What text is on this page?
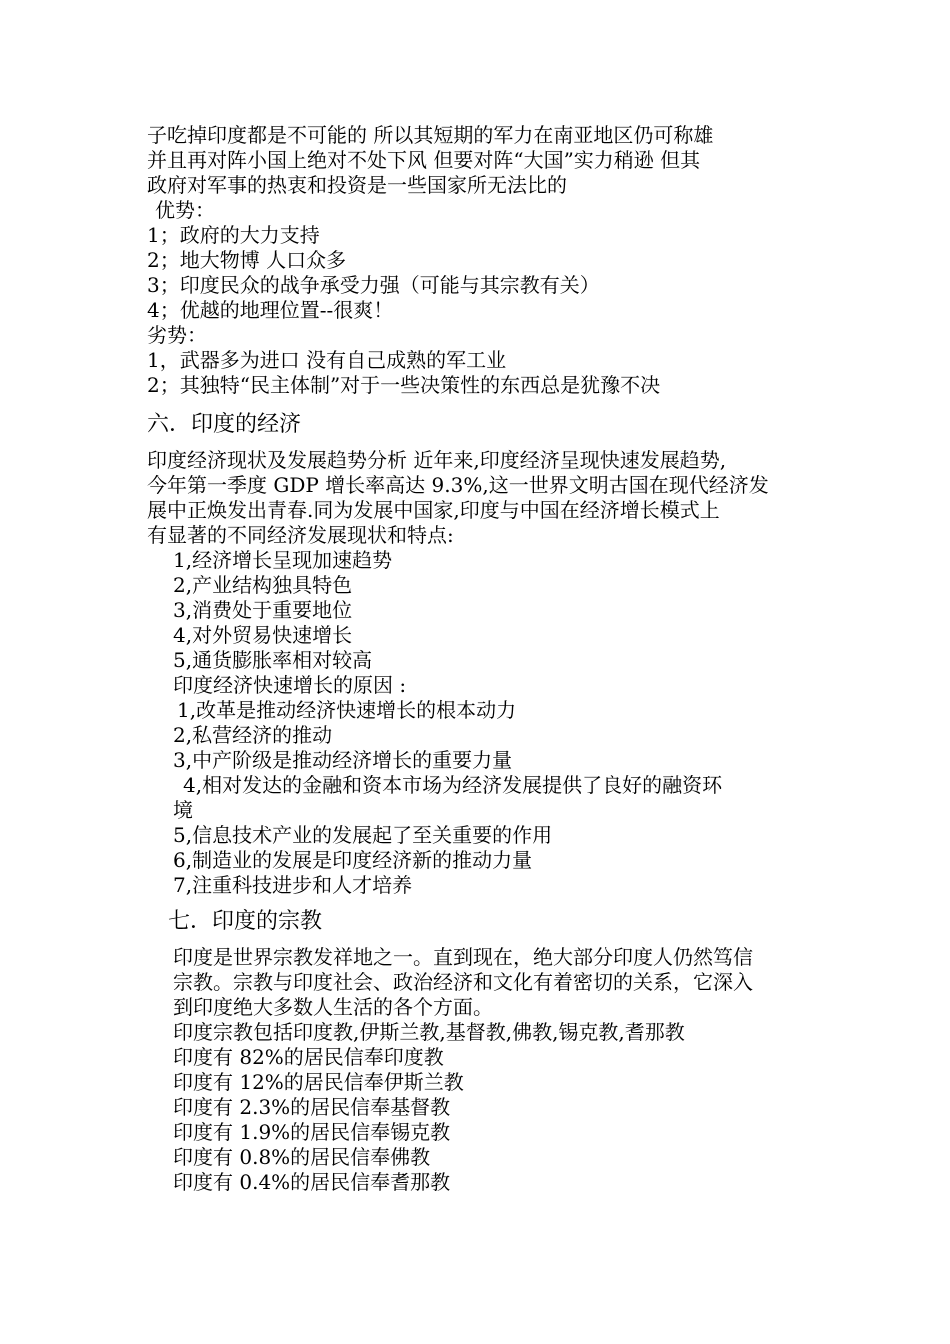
子吃掉印度都是不可能的 所以其短期的军力在南亚地区仍可称雄
并且再对阵小国上绝对不处下风 但要对阵“大国”实力稍逊 但其
政府对军事的热衷和投资是一些国家所无法比的
优势：
1；政府的大力支持
2；地大物博 人口众多
3；印度民众的战争承受力强（可能与其宗教有关）
4；优越的地理位置--很爽！
劣势：
1，武器多为进口 没有自己成熟的军工业
2；其独特“民主体制”对于一些决策性的东西总是犹豫不决
六．印度的经济
印度经济现状及发展趋势分析 近年来,印度经济呈现快速发展趋势,
今年第一季度 GDP 增长率高达 9.3%,这一世界文明古国在现代经济发
展中正焕发出青春.同为发展中国家,印度与中国在经济增长模式上
有显著的不同经济发展现状和特点:
1,经济增长呈现加速趋势
2,产业结构独具特色
3,消费处于重要地位
4,对外贸易快速增长
5,通货膨胀率相对较高
印度经济快速增长的原因 :
1,改革是推动经济快速增长的根本动力
2,私营经济的推动
3,中产阶级是推动经济增长的重要力量
4,相对发达的金融和资本市场为经济发展提供了良好的融资环
境
5,信息技术产业的发展起了至关重要的作用
6,制造业的发展是印度经济新的推动力量
7,注重科技进步和人才培养
七．印度的宗教
印度是世界宗教发祥地之一。直到现在，绝大部分印度人仍然笃信
宗教。宗教与印度社会、政治经济和文化有着密切的关系，它深入
到印度绝大多数人生活的各个方面。
印度宗教包括印度教,伊斯兰教,基督教,佛教,锡克教,耆那教
印度有 82%的居民信奉印度教
印度有 12%的居民信奉伊斯兰教
印度有 2.3%的居民信奉基督教
印度有 1.9%的居民信奉锡克教
印度有 0.8%的居民信奉佛教
印度有 0.4%的居民信奉耆那教
